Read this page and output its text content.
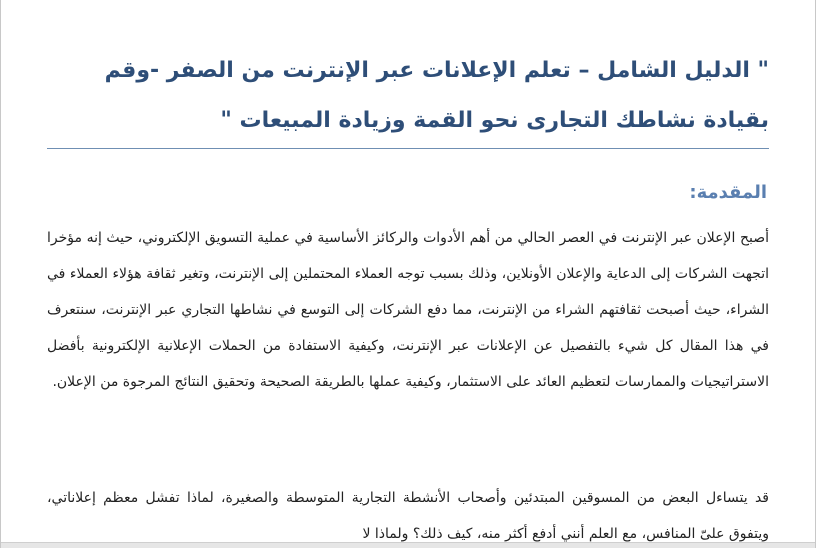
" الدليل الشامل – تعلم الإعلانات عبر الإنترنت من الصفر -وقم
بقيادة نشاطك التجارى نحو القمة وزيادة المبيعات "
المقدمة:

أصبح الإعلان عبر الإنترنت في العصر الحالي من أهم الأدوات والركائز الأساسية في عملية التسويق الإلكتروني، حيث إنه مؤخرا اتجهت الشركات إلى الدعاية والإعلان الأونلاين، وذلك بسبب توجه العملاء المحتملين إلى الإنترنت، وتغير ثقافة هؤلاء العملاء في الشراء، حيث أصبحت ثقافتهم الشراء من الإنترنت، مما دفع الشركات إلى التوسع في نشاطها التجاري عبر الإنترنت، سنتعرف في هذا المقال كل شيء بالتفصيل عن الإعلانات عبر الإنترنت، وكيفية الاستفادة من الحملات الإعلانية الإلكترونية بأفضل الاستراتيجيات والممارسات لتعظيم العائد على الاستثمار، وكيفية عملها بالطريقة الصحيحة وتحقيق النتائج المرجوة من الإعلان.

قد يتساءل البعض من المسوقين المبتدئين وأصحاب الأنشطة التجارية المتوسطة والصغيرة، لماذا تفشل معظم إعلاناتي، ويتفوق علىّ المنافس، مع العلم أنني أدفع أكثر منه، كيف ذلك؟ ولماذا لا
